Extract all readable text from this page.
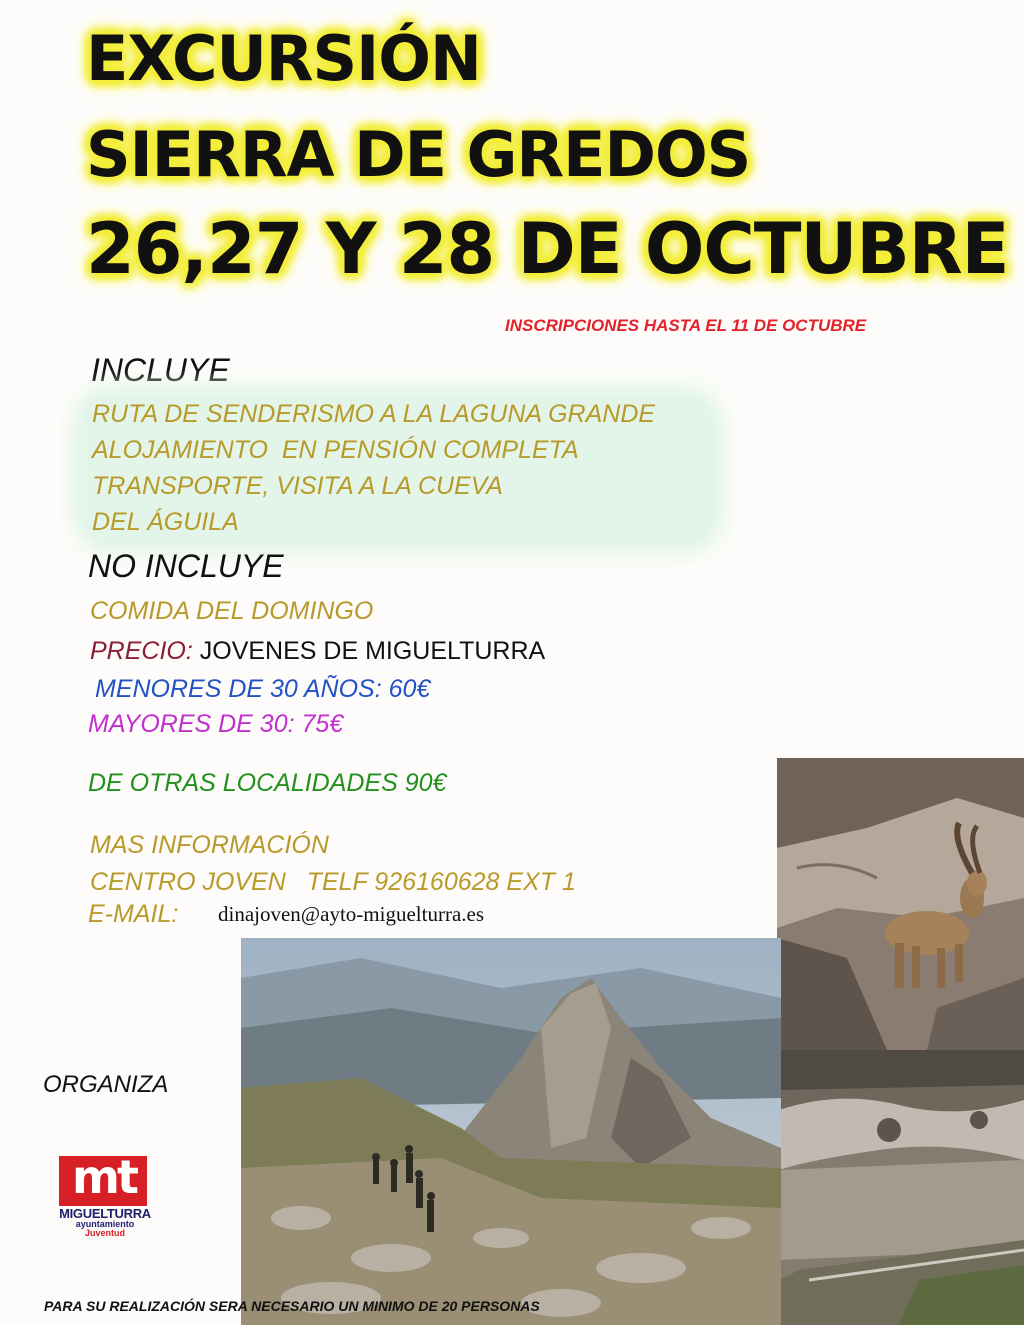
EXCURSIÓN
SIERRA DE GREDOS
26,27 Y 28 DE OCTUBRE
INSCRIPCIONES HASTA EL 11 DE OCTUBRE
INCLUYE
RUTA DE SENDERISMO A LA LAGUNA GRANDE
ALOJAMIENTO  EN PENSIÓN COMPLETA
TRANSPORTE, VISITA A LA CUEVA
DEL ÁGUILA
NO INCLUYE
COMIDA DEL DOMINGO
PRECIO: JOVENES DE MIGUELTURRA
MENORES DE 30 AÑOS: 60€
MAYORES DE 30: 75€
DE OTRAS LOCALIDADES 90€
MAS INFORMACIÓN
CENTRO JOVEN   TELF 926160628 EXT 1
E-MAIL: dinajoven@ayto-miguelturra.es
ORGANIZA
mt
MIGUELTURRA
ayuntamiento
Juventud
PARA SU REALIZACIÓN SERA NECESARIO UN MINIMO DE 20 PERSONAS
